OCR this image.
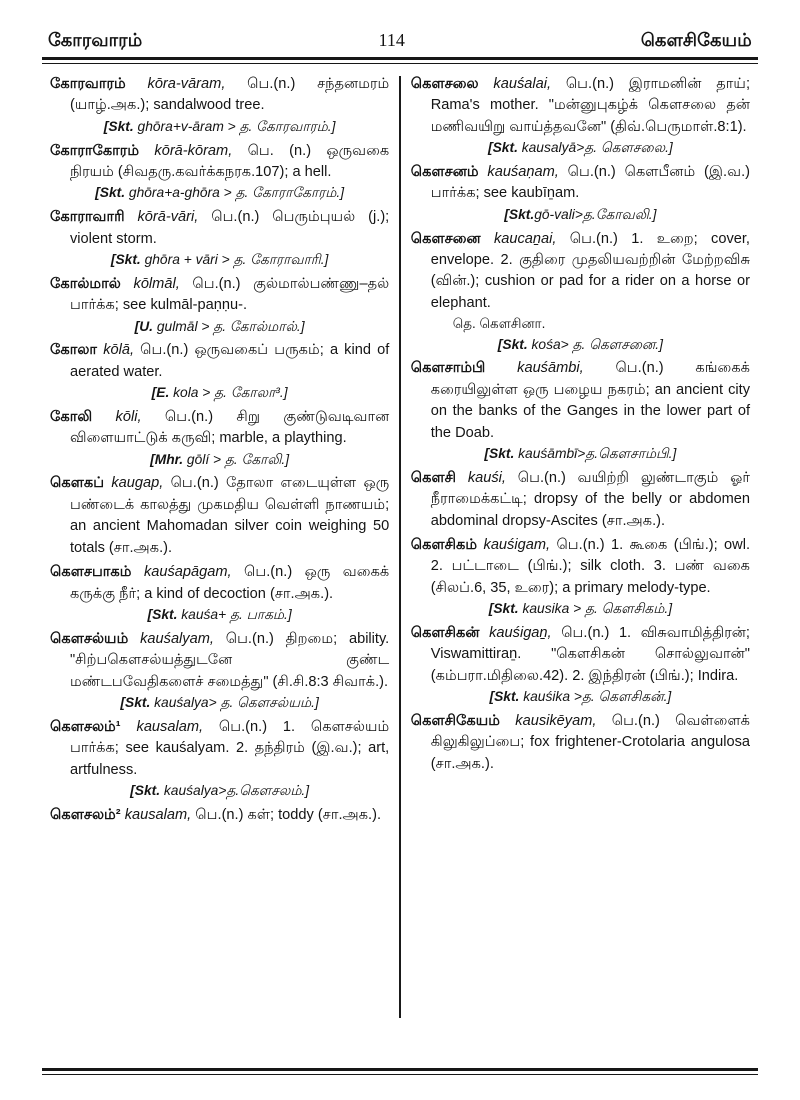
கோரவாரம்	114	கௌசிகேயம்

கோரவாரம் kōra-vāram, பெ.(n.) சந்தனமரம் (யாழ்.அக.); sandalwood tree.

[Skt. ghōra+v-āram > த. கோரவாரம்.]

கோராகோரம் kōrā-kōram, பெ. (n.) ஒருவகை நிரயம் (சிவதரு.கவர்க்கநரக.107); a hell.

[Skt. ghōra+a-ghōra > த. கோராகோரம்.]

கோராவாரி kōrā-vāri, பெ.(n.) பெரும்புயல் (j.); violent storm.

[Skt. ghōra + vāri > த. கோராவாரி.]

கோல்மால் kōlmāl, பெ.(n.) குல்மால்பண்ணு–தல் பார்க்க; see kulmāl-paṇṇu-.

[U. gulmāl > த. கோல்மால்.]

கோலா kōlā, பெ.(n.) ஒருவகைப் பருகம்; a kind of aerated water.

[E. kola > த. கோலா³.]

கோலி kōli, பெ.(n.) சிறு குண்டுவடிவான விளையாட்டுக் கருவி; marble, a plaything.

[Mhr. gōlí > த. கோலி.]

கௌகப் kaugap, பெ.(n.) தோலா எடையுள்ள ஒரு பண்டைக் காலத்து முகமதிய வெள்ளி நாணயம்; an ancient Mahomadan silver coin weighing 50 totals (சா.அக.).

கௌசபாகம் kauśapāgam, பெ.(n.) ஒரு வகைக் கருக்கு நீர்; a kind of decoction (சா.அக.).

[Skt. kauśa+ த. பாகம்.]

கௌசல்யம் kauśalyam, பெ.(n.) திறமை; ability. "சிற்பகௌசல்யத்துடனே குண்ட மண்டபவேதிகளைச் சமைத்து" (சி.சி.8:3 சிவாக்.).

[Skt. kauśalya> த. கௌசல்யம்.]

கௌசலம்¹ kausalam, பெ.(n.) 1. கௌசல்யம் பார்க்க; see kauśalyam. 2. தந்திரம் (இ.வ.); art, artfulness.

[Skt. kauśalya>த.கௌசலம்.]

கௌசலம்² kausalam, பெ.(n.) கள்; toddy (சா.அக.).

கௌசலை kauśalai, பெ.(n.) இராமனின் தாய்; Rama's mother. "மன்னுபுகழ்க் கௌசலை தன் மணிவயிறு வாய்த்தவனே" (திவ்.பெருமாள்.8:1).

[Skt. kausalyā>த. கௌசலை.]

கௌசனம் kauśaṇam, பெ.(n.) கௌபீனம் (இ.வ.) பார்க்க; see kaubīṉam.

[Skt.gō-vali>த.கோவலி.]

கௌசனை kaucaṉai, பெ.(n.) 1. உறை; cover, envelope. 2. குதிரை முதலியவற்றின் மேற்றவிசு (வின்.); cushion or pad for a rider on a horse or elephant.

தெ. கௌசினா.

[Skt. kośa> த. கௌசனை.]

கௌசாம்பி kauśāmbi, பெ.(n.) கங்கைக் கரையிலுள்ள ஒரு பழைய நகரம்; an ancient city on the banks of the Ganges in the lower part of the Doab.

[Skt. kauśāmbī>த.கௌசாம்பி.]

கௌசி kauśi, பெ.(n.) வயிற்றி லுண்டாகும் ஓர் நீராமைக்கட்டி; dropsy of the belly or abdomen abdominal dropsy-Ascites (சா.அக.).

கௌசிகம் kauśigam, பெ.(n.) 1. கூகை (பிங்.); owl. 2. பட்டாடை (பிங்.); silk cloth. 3. பண் வகை (சிலப்.6, 35, உரை); a primary melody-type.

[Skt. kausika > த. கௌசிகம்.]

கௌசிகன் kauśigaṉ, பெ.(n.) 1. விசுவாமித்திரன்; Viswamittiraṉ. "கௌசிகன் சொல்லுவான்" (கம்பரா.மிதிலை.42). 2. இந்திரன் (பிங்.); Indira.

[Skt. kauśika >த. கௌசிகன்.]

கௌசிகேயம் kausikēyam, பெ.(n.) வெள்ளைக் கிலுகிலுப்பை; fox frightener-Crotolaria angulosa (சா.அக.).
